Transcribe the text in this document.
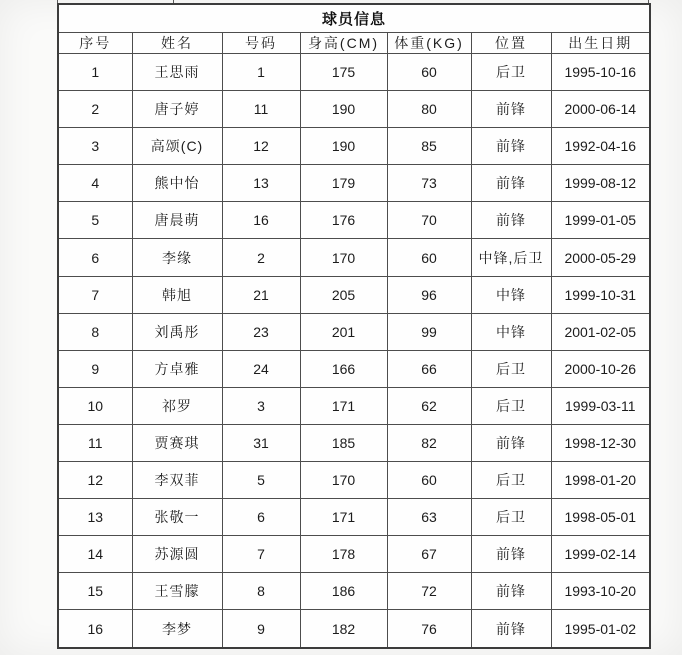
球员信息						
序号	姓名	号码	身高(CM)	体重(KG)	位置	出生日期
1	王思雨	1	175	60	后卫	1995-10-16
2	唐子婷	11	190	80	前锋	2000-06-14
3	高颂(C)	12	190	85	前锋	1992-04-16
4	熊中怡	13	179	73	前锋	1999-08-12
5	唐晨萌	16	176	70	前锋	1999-01-05
6	李缘	2	170	60	中锋,后卫	2000-05-29
7	韩旭	21	205	96	中锋	1999-10-31
8	刘禹彤	23	201	99	中锋	2001-02-05
9	方卓雅	24	166	66	后卫	2000-10-26
10	祁罗	3	171	62	后卫	1999-03-11
11	贾赛琪	31	185	82	前锋	1998-12-30
12	李双菲	5	170	60	后卫	1998-01-20
13	张敬一	6	171	63	后卫	1998-05-01
14	苏源圆	7	178	67	前锋	1999-02-14
15	王雪朦	8	186	72	前锋	1993-10-20
16	李梦	9	182	76	前锋	1995-01-02
